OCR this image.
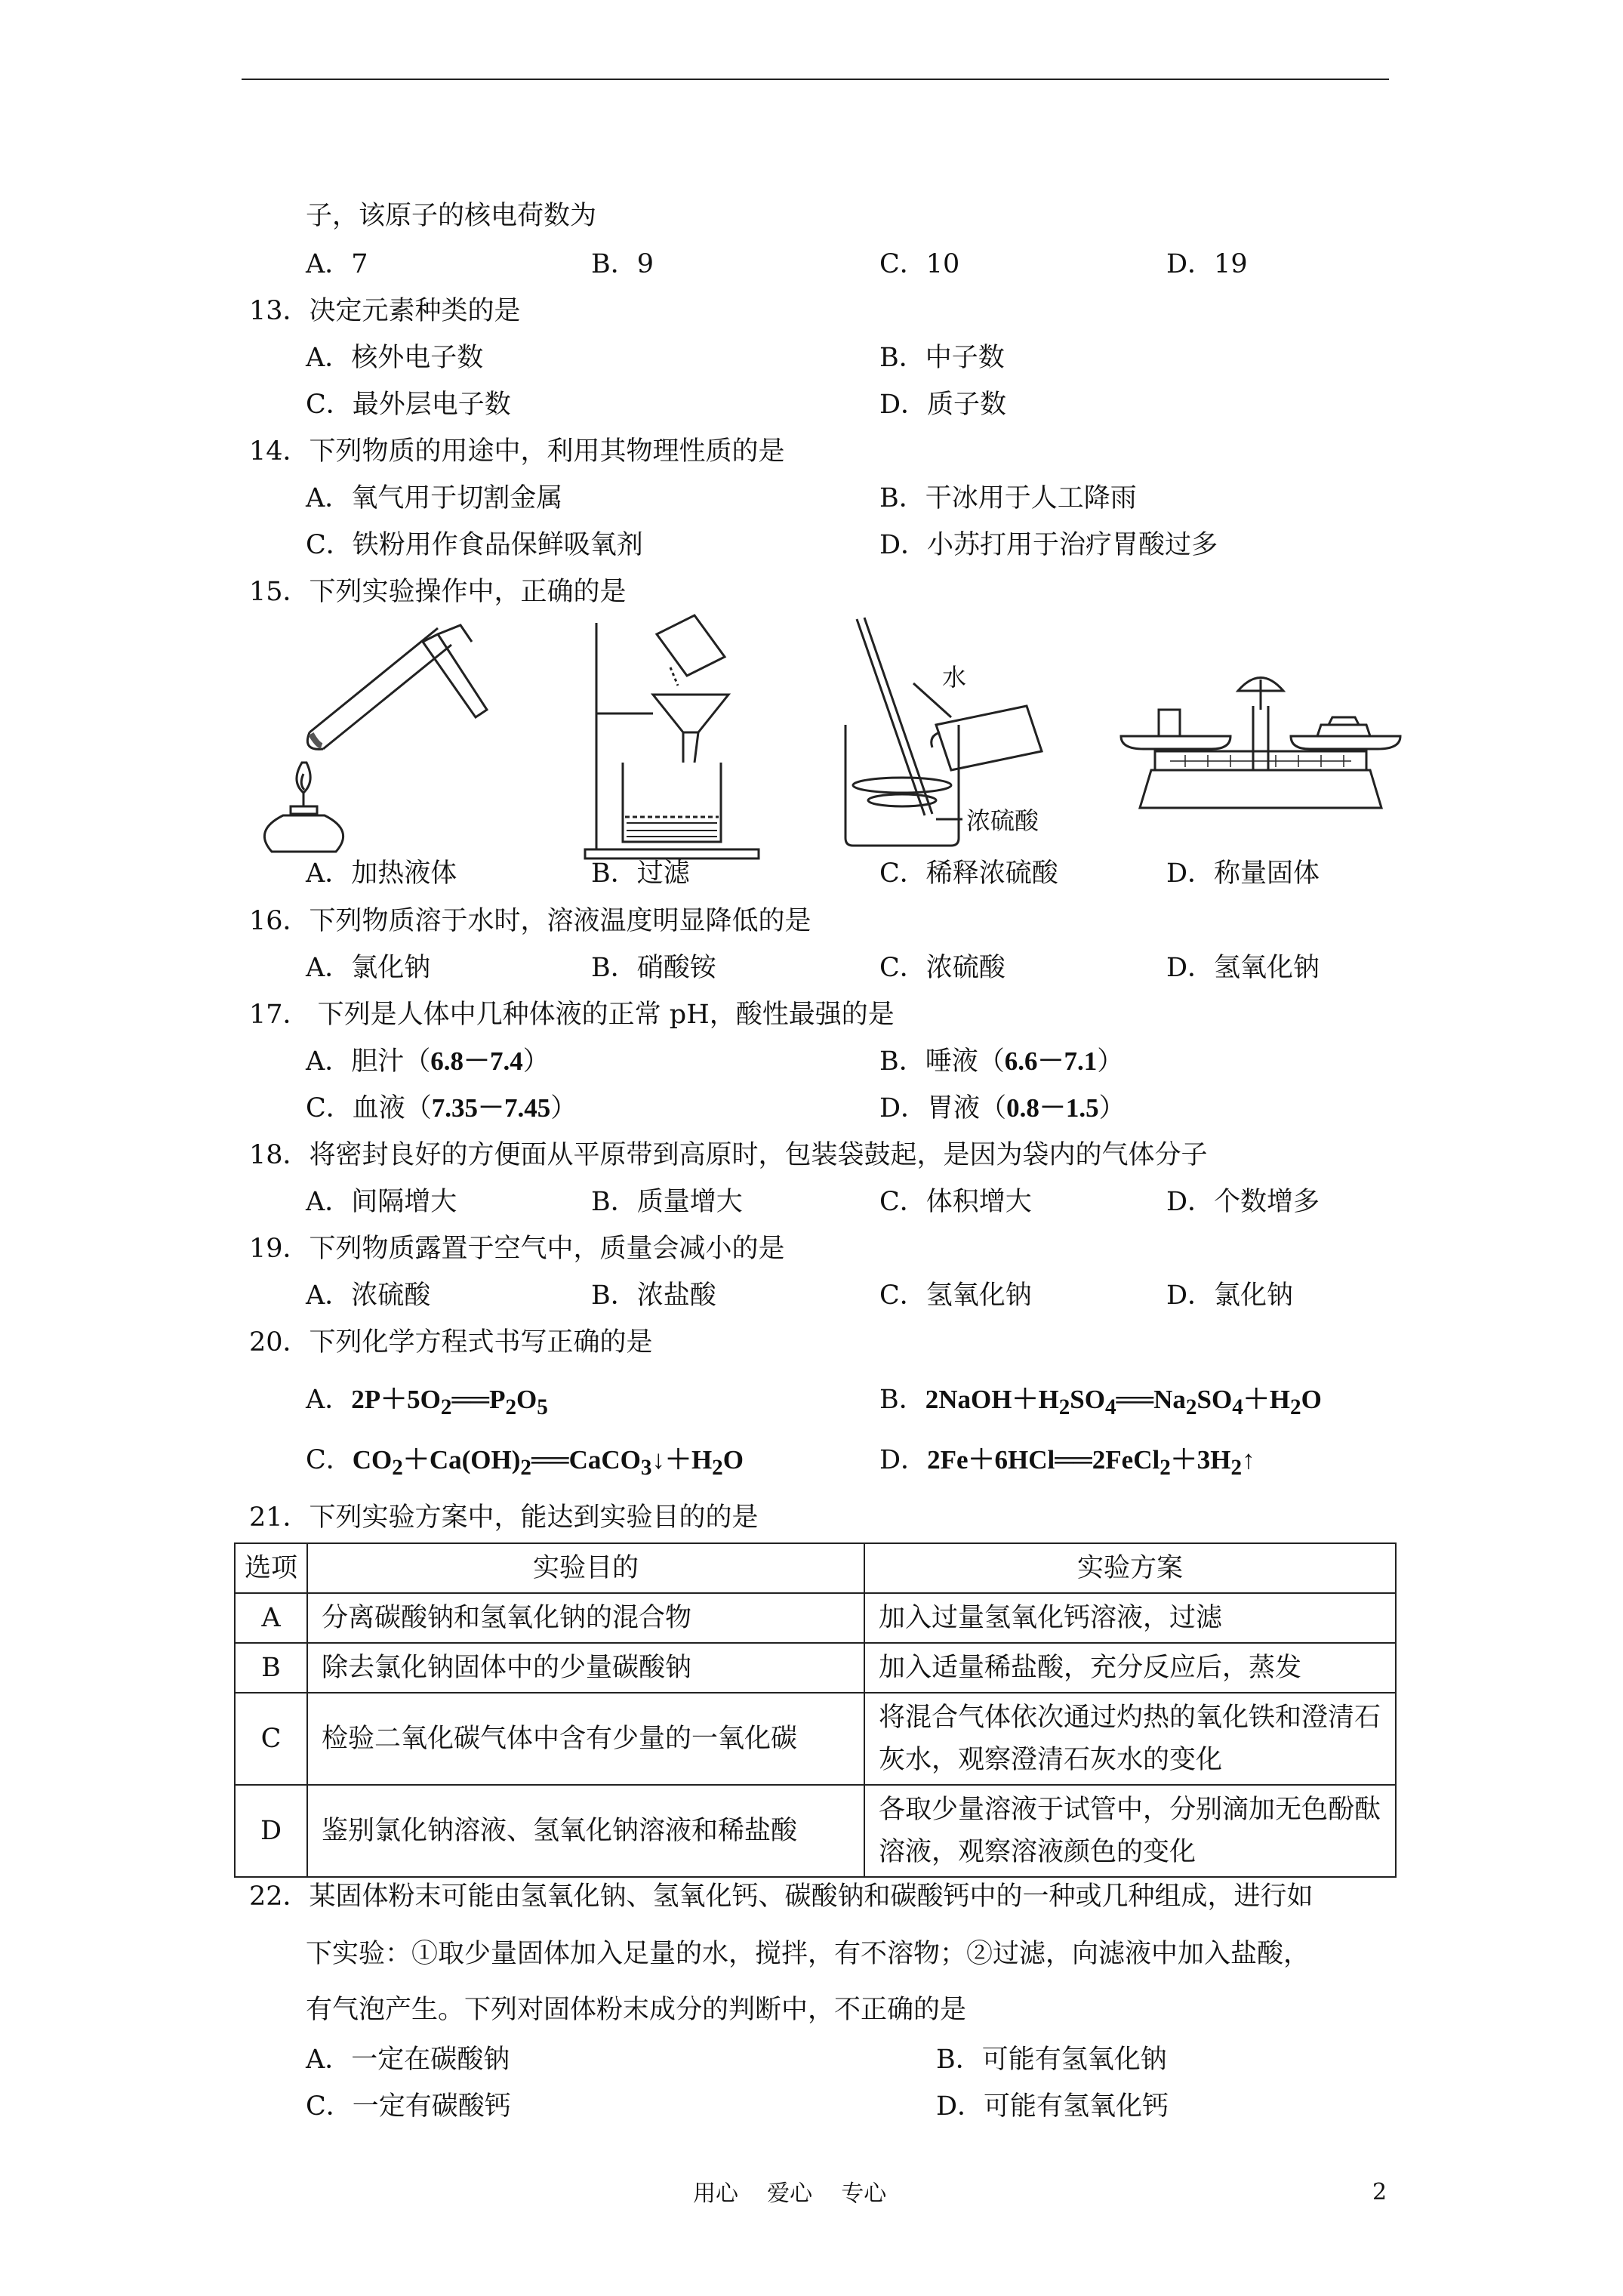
子，该原子的核电荷数为
A．7	B．9	C．10	D．19
13．决定元素种类的是
A．核外电子数	B．中子数
C．最外层电子数	D．质子数
14．下列物质的用途中，利用其物理性质的是
A．氧气用于切割金属	B．干冰用于人工降雨
C．铁粉用作食品保鲜吸氧剂	D．小苏打用于治疗胃酸过多
15．下列实验操作中，正确的是
水
浓硫酸
A．加热液体	B．过滤	C．稀释浓硫酸	D．称量固体
16．下列物质溶于水时，溶液温度明显降低的是
A．氯化钠	B．硝酸铵	C．浓硫酸	D．氢氧化钠
17． 下列是人体中几种体液的正常 pH，酸性最强的是
A．胆汁（6.8－7.4）	B．唾液（6.6－7.1）
C．血液（7.35－7.45）	D．胃液（0.8－1.5）
18．将密封良好的方便面从平原带到高原时，包装袋鼓起，是因为袋内的气体分子
A．间隔增大	B．质量增大	C．体积增大	D．个数增多
19．下列物质露置于空气中，质量会减小的是
A．浓硫酸	B．浓盐酸	C．氢氧化钠	D．氯化钠
20．下列化学方程式书写正确的是
A．$2P+5O_2══P_2O_5$	B．$2NaOH+H_2SO_4══Na_2SO_4+H_2O$
C．$CO_2+Ca(OH)_2══CaCO_3↓+H_2O$	D．$2Fe+6HCl══2FeCl_2+3H_2↑$
21．下列实验方案中，能达到实验目的的是
选项	实验目的	实验方案
A	分离碳酸钠和氢氧化钠的混合物	加入过量氢氧化钙溶液，过滤
B	除去氯化钠固体中的少量碳酸钠	加入适量稀盐酸，充分反应后，蒸发
C	检验二氧化碳气体中含有少量的一氧化碳	将混合气体依次通过灼热的氧化铁和澄清石灰水，观察澄清石灰水的变化
D	鉴别氯化钠溶液、氢氧化钠溶液和稀盐酸	各取少量溶液于试管中，分别滴加无色酚酞溶液，观察溶液颜色的变化
22．某固体粉末可能由氢氧化钠、氢氧化钙、碳酸钠和碳酸钙中的一种或几种组成，进行如
下实验：①取少量固体加入足量的水，搅拌，有不溶物；②过滤，向滤液中加入盐酸，
有气泡产生。下列对固体粉末成分的判断中，不正确的是
A．一定在碳酸钠	B．可能有氢氧化钠
C．一定有碳酸钙	D．可能有氢氧化钙
用心    爱心    专心	2
